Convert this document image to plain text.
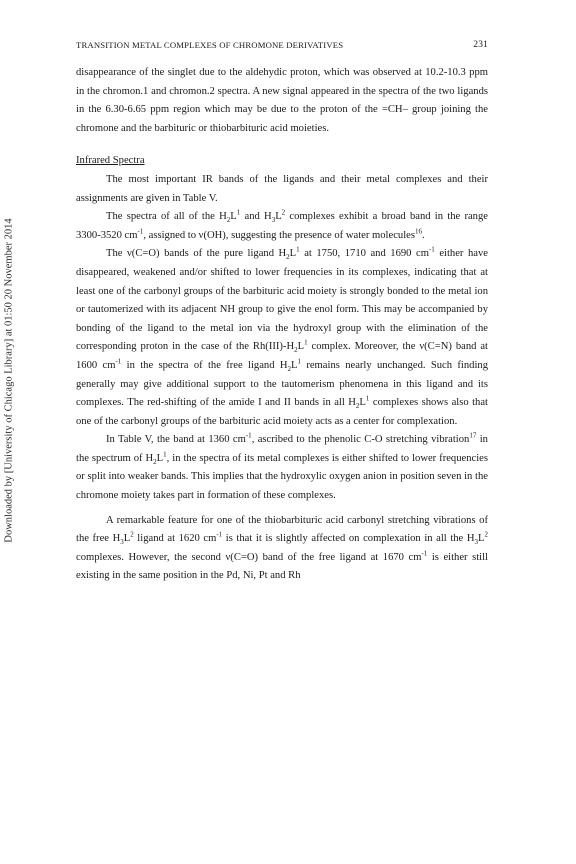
Downloaded by [University of Chicago Library] at 01:50 20 November 2014
TRANSITION METAL COMPLEXES OF CHROMONE DERIVATIVES	231

disappearance of the singlet due to the aldehydic proton, which was observed at 10.2-10.3 ppm in the chromon.1 and chromon.2 spectra. A new signal appeared in the spectra of the two ligands in the 6.30-6.65 ppm region which may be due to the proton of the =CH– group joining the chromone and the barbituric or thiobarbituric acid moieties.

Infrared Spectra

The most important IR bands of the ligands and their metal complexes and their assignments are given in Table V.

The spectra of all of the $H_2L^1$ and $H_3L^2$ complexes exhibit a broad band in the range 3300-3520 $cm^{-1}$, assigned to ν(OH), suggesting the presence of water molecules$^{16}$.

The ν(C=O) bands of the pure ligand $H_2L^1$ at 1750, 1710 and 1690 $cm^{-1}$ either have disappeared, weakened and/or shifted to lower frequencies in its complexes, indicating that at least one of the carbonyl groups of the barbituric acid moiety is strongly bonded to the metal ion or tautomerized with its adjacent NH group to give the enol form. This may be accompanied by bonding of the ligand to the metal ion via the hydroxyl group with the elimination of the corresponding proton in the case of the $Rh(III)-H_2L^1$ complex. Moreover, the ν(C=N) band at 1600 $cm^{-1}$ in the spectra of the free ligand $H_2L^1$ remains nearly unchanged. Such finding generally may give additional support to the tautomerism phenomena in this ligand and its complexes. The red-shifting of the amide I and II bands in all $H_2L^1$ complexes shows also that one of the carbonyl groups of the barbituric acid moiety acts as a center for complexation.

In Table V, the band at 1360 $cm^{-1}$, ascribed to the phenolic C-O stretching vibration$^{17}$ in the spectrum of $H_2L^1$, in the spectra of its metal complexes is either shifted to lower frequencies or split into weaker bands. This implies that the hydroxylic oxygen anion in position seven in the chromone moiety takes part in formation of these complexes.

A remarkable feature for one of the thiobarbituric acid carbonyl stretching vibrations of the free $H_3L^2$ ligand at 1620 $cm^{-1}$ is that it is slightly affected on complexation in all the $H_3L^2$ complexes. However, the second ν(C=O) band of the free ligand at 1670 $cm^{-1}$ is either still existing in the same position in the Pd, Ni, Pt and Rh
